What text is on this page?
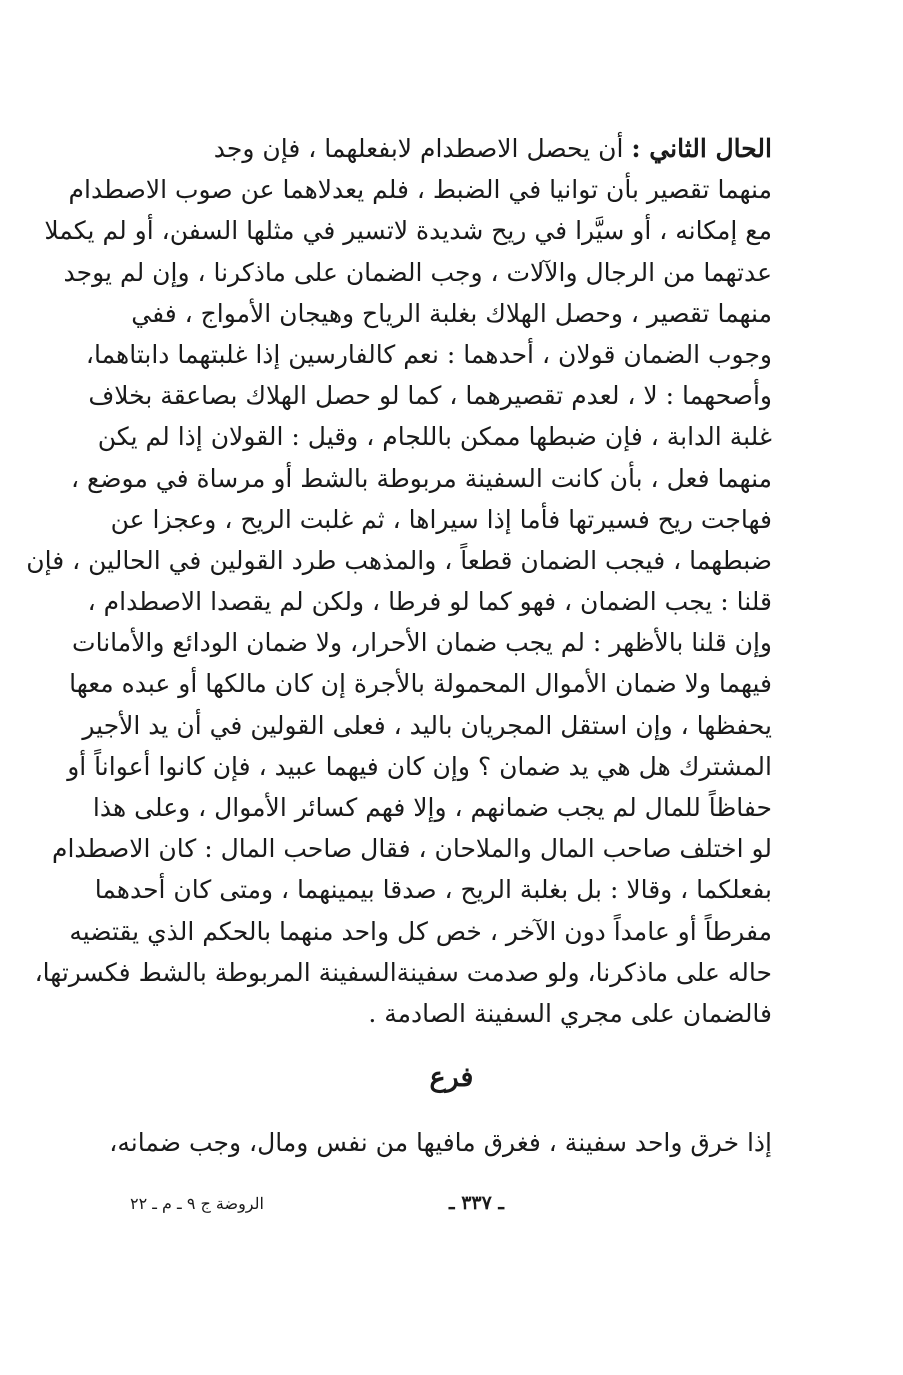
الحال الثاني : أن يحصل الاصطدام لابفعلهما ، فإن وجد
منهما تقصير بأن توانيا في الضبط ، فلم يعدلاهما عن صوب الاصطدام
مع إمكانه ، أو سيَّرا في ريح شديدة لاتسير في مثلها السفن، أو لم يكملا
عدتهما من الرجال والآلات ، وجب الضمان على ماذكرنا ، وإن لم يوجد
منهما تقصير ، وحصل الهلاك بغلبة الرياح وهيجان الأمواج ، ففي
وجوب الضمان قولان ، أحدهما : نعم كالفارسين إذا غلبتهما دابتاهما،
وأصحهما : لا ، لعدم تقصيرهما ، كما لو حصل الهلاك بصاعقة بخلاف
غلبة الدابة ، فإن ضبطها ممكن باللجام ، وقيل : القولان إذا لم يكن
منهما فعل ، بأن كانت السفينة مربوطة بالشط أو مرساة في موضع ،
فهاجت ريح فسيرتها فأما إذا سيراها ، ثم غلبت الريح ، وعجزا عن
ضبطهما ، فيجب الضمان قطعاً ، والمذهب طرد القولين في الحالين ، فإن
قلنا : يجب الضمان ، فهو كما لو فرطا ، ولكن لم يقصدا الاصطدام ،
وإن قلنا بالأظهر : لم يجب ضمان الأحرار، ولا ضمان الودائع والأمانات
فيهما ولا ضمان الأموال المحمولة بالأجرة إن كان مالكها أو عبده معها
يحفظها ، وإن استقل المجريان باليد ، فعلى القولين في أن يد الأجير
المشترك هل هي يد ضمان ؟ وإن كان فيهما عبيد ، فإن كانوا أعواناً أو
حفاظاً للمال لم يجب ضمانهم ، وإلا فهم كسائر الأموال ، وعلى هذا
لو اختلف صاحب المال والملاحان ، فقال صاحب المال : كان الاصطدام
بفعلكما ، وقالا : بل بغلبة الريح ، صدقا بيمينهما ، ومتى كان أحدهما
مفرطاً أو عامداً دون الآخر ، خص كل واحد منهما بالحكم الذي يقتضيه
حاله على ماذكرنا، ولو صدمت سفينةالسفينة المربوطة بالشط فكسرتها،
فالضمان على مجري السفينة الصادمة .
فرع
إذا خرق واحد سفينة ، فغرق مافيها من نفس ومال، وجب ضمانه،
ـ ٣٣٧ ـ
الروضة ج ٩ ـ م ـ ٢٢
